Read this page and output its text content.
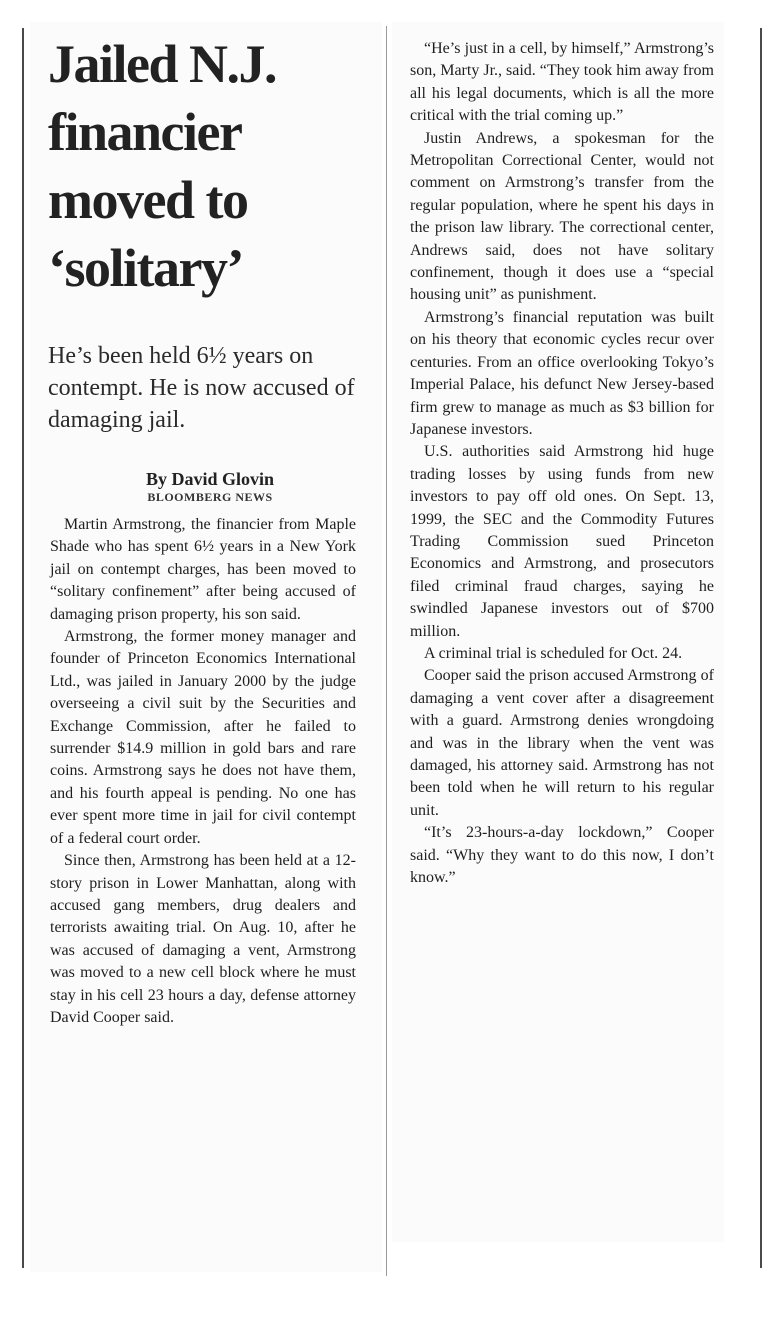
Jailed N.J. financier moved to ‘solitary’
He’s been held 6½ years on contempt. He is now accused of damaging jail.
By David Glovin
BLOOMBERG NEWS

Martin Armstrong, the financier from Maple Shade who has spent 6½ years in a New York jail on contempt charges, has been moved to “solitary confinement” after being accused of damaging prison property, his son said.

Armstrong, the former money manager and founder of Princeton Economics International Ltd., was jailed in January 2000 by the judge overseeing a civil suit by the Securities and Exchange Commission, after he failed to surrender $14.9 million in gold bars and rare coins. Armstrong says he does not have them, and his fourth appeal is pending. No one has ever spent more time in jail for civil contempt of a federal court order.

Since then, Armstrong has been held at a 12-story prison in Lower Manhattan, along with accused gang members, drug dealers and terrorists awaiting trial. On Aug. 10, after he was accused of damaging a vent, Armstrong was moved to a new cell block where he must stay in his cell 23 hours a day, defense attorney David Cooper said.

“He’s just in a cell, by himself,” Armstrong’s son, Marty Jr., said. “They took him away from all his legal documents, which is all the more critical with the trial coming up.”

Justin Andrews, a spokesman for the Metropolitan Correctional Center, would not comment on Armstrong’s transfer from the regular population, where he spent his days in the prison law library. The correctional center, Andrews said, does not have solitary confinement, though it does use a “special housing unit” as punishment.

Armstrong’s financial reputation was built on his theory that economic cycles recur over centuries. From an office overlooking Tokyo’s Imperial Palace, his defunct New Jersey-based firm grew to manage as much as $3 billion for Japanese investors.

U.S. authorities said Armstrong hid huge trading losses by using funds from new investors to pay off old ones. On Sept. 13, 1999, the SEC and the Commodity Futures Trading Commission sued Princeton Economics and Armstrong, and prosecutors filed criminal fraud charges, saying he swindled Japanese investors out of $700 million.

A criminal trial is scheduled for Oct. 24.

Cooper said the prison accused Armstrong of damaging a vent cover after a disagreement with a guard. Armstrong denies wrongdoing and was in the library when the vent was damaged, his attorney said. Armstrong has not been told when he will return to his regular unit.

“It’s 23-hours-a-day lockdown,” Cooper said. “Why they want to do this now, I don’t know.”
